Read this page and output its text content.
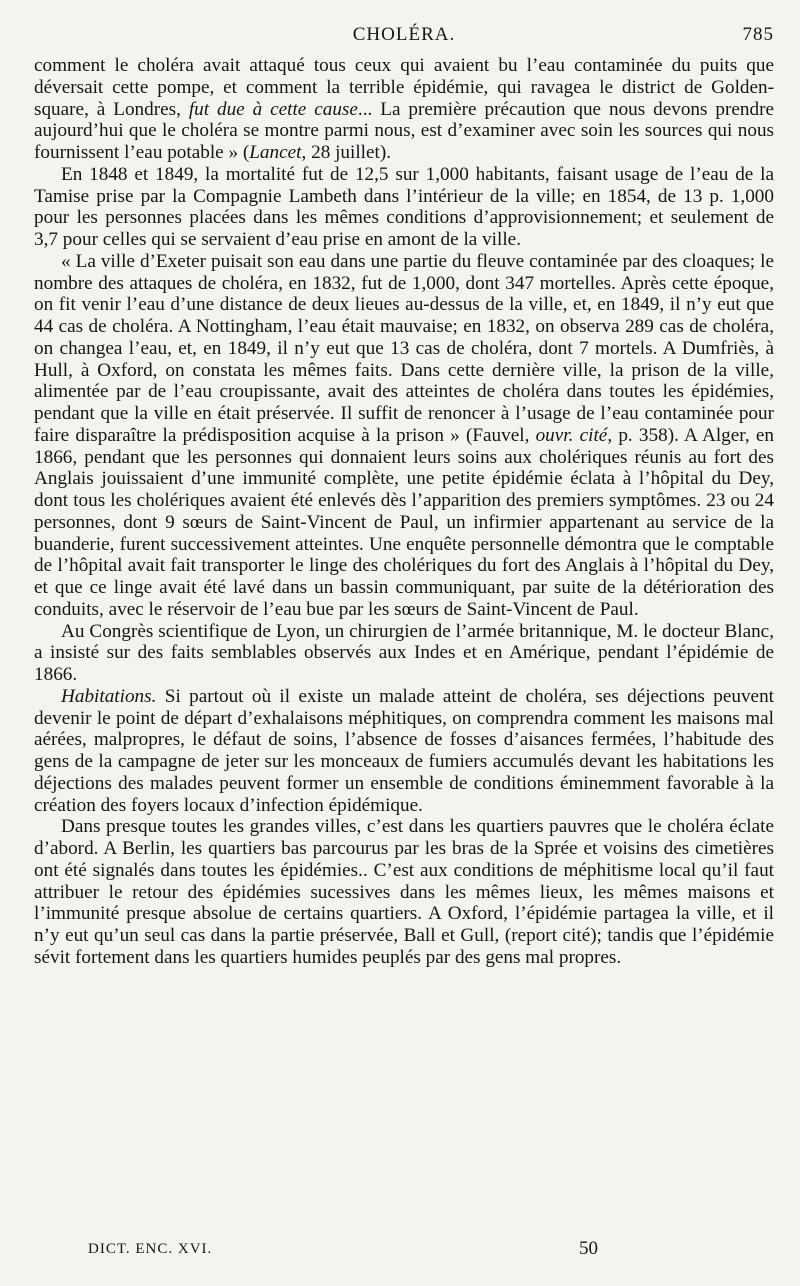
CHOLÉRA.	785

comment le choléra avait attaqué tous ceux qui avaient bu l’eau contaminée du puits que déversait cette pompe, et comment la terrible épidémie, qui ravagea le district de Golden-square, à Londres, fut due à cette cause... La première précaution que nous devons prendre aujourd’hui que le choléra se montre parmi nous, est d’examiner avec soin les sources qui nous fournissent l’eau potable » (Lancet, 28 juillet).

En 1848 et 1849, la mortalité fut de 12,5 sur 1,000 habitants, faisant usage de l’eau de la Tamise prise par la Compagnie Lambeth dans l’intérieur de la ville; en 1854, de 13 p. 1,000 pour les personnes placées dans les mêmes conditions d’approvisionnement; et seulement de 3,7 pour celles qui se servaient d’eau prise en amont de la ville.

« La ville d’Exeter puisait son eau dans une partie du fleuve contaminée par des cloaques; le nombre des attaques de choléra, en 1832, fut de 1,000, dont 347 mortelles. Après cette époque, on fit venir l’eau d’une distance de deux lieues au-dessus de la ville, et, en 1849, il n’y eut que 44 cas de choléra. A Nottingham, l’eau était mauvaise; en 1832, on observa 289 cas de choléra, on changea l’eau, et, en 1849, il n’y eut que 13 cas de choléra, dont 7 mortels. A Dumfriès, à Hull, à Oxford, on constata les mêmes faits. Dans cette dernière ville, la prison de la ville, alimentée par de l’eau croupissante, avait des atteintes de choléra dans toutes les épidémies, pendant que la ville en était préservée. Il suffit de renoncer à l’usage de l’eau contaminée pour faire disparaître la prédisposition acquise à la prison » (Fauvel, ouvr. cité, p. 358). A Alger, en 1866, pendant que les personnes qui donnaient leurs soins aux cholériques réunis au fort des Anglais jouissaient d’une immunité complète, une petite épidémie éclata à l’hôpital du Dey, dont tous les cholériques avaient été enlevés dès l’apparition des premiers symptômes. 23 ou 24 personnes, dont 9 sœurs de Saint-Vincent de Paul, un infirmier appartenant au service de la buanderie, furent successivement atteintes. Une enquête personnelle démontra que le comptable de l’hôpital avait fait transporter le linge des cholériques du fort des Anglais à l’hôpital du Dey, et que ce linge avait été lavé dans un bassin communiquant, par suite de la détérioration des conduits, avec le réservoir de l’eau bue par les sœurs de Saint-Vincent de Paul.

Au Congrès scientifique de Lyon, un chirurgien de l’armée britannique, M. le docteur Blanc, a insisté sur des faits semblables observés aux Indes et en Amérique, pendant l’épidémie de 1866.

Habitations. Si partout où il existe un malade atteint de choléra, ses déjections peuvent devenir le point de départ d’exhalaisons méphitiques, on comprendra comment les maisons mal aérées, malpropres, le défaut de soins, l’absence de fosses d’aisances fermées, l’habitude des gens de la campagne de jeter sur les monceaux de fumiers accumulés devant les habitations les déjections des malades peuvent former un ensemble de conditions éminemment favorable à la création des foyers locaux d’infection épidémique.

Dans presque toutes les grandes villes, c’est dans les quartiers pauvres que le choléra éclate d’abord. A Berlin, les quartiers bas parcourus par les bras de la Sprée et voisins des cimetières ont été signalés dans toutes les épidémies.. C’est aux conditions de méphitisme local qu’il faut attribuer le retour des épidémies sucessives dans les mêmes lieux, les mêmes maisons et l’immunité presque absolue de certains quartiers. A Oxford, l’épidémie partagea la ville, et il n’y eut qu’un seul cas dans la partie préservée, Ball et Gull, (report cité); tandis que l’épidémie sévit fortement dans les quartiers humides peuplés par des gens mal propres.

DICT. ENC. XVI.	50
